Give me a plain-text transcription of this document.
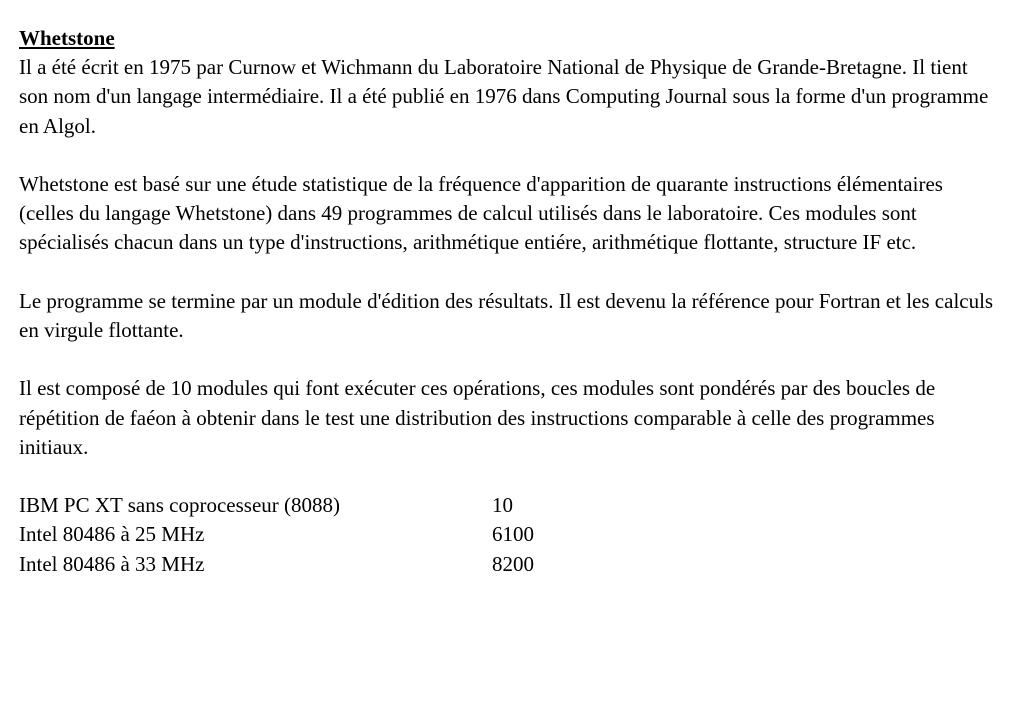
Whetstone

Il a été écrit en 1975 par Curnow et Wichmann du Laboratoire National de Physique de Grande-Bretagne. Il tient son nom d'un langage intermédiaire. Il a été publié en 1976 dans Computing Journal sous la forme d'un programme en Algol.

Whetstone est basé sur une étude statistique de la fréquence d'apparition de quarante instructions élémentaires (celles du langage Whetstone) dans 49 programmes de calcul utilisés dans le laboratoire. Ces modules sont spécialisés chacun dans un type d'instructions, arithmétique entiére, arithmétique flottante, structure IF etc.

Le programme se termine par un module d'édition des résultats. Il est devenu la référence pour Fortran et les calculs en virgule flottante.

Il est composé de 10 modules qui font exécuter ces opérations, ces modules sont pondérés par des boucles de répétition de faéon à obtenir dans le test une distribution des instructions comparable à celle des programmes initiaux.

IBM PC XT sans coprocesseur (8088)	10
Intel 80486 à 25 MHz	6100
Intel 80486 à 33 MHz	8200
